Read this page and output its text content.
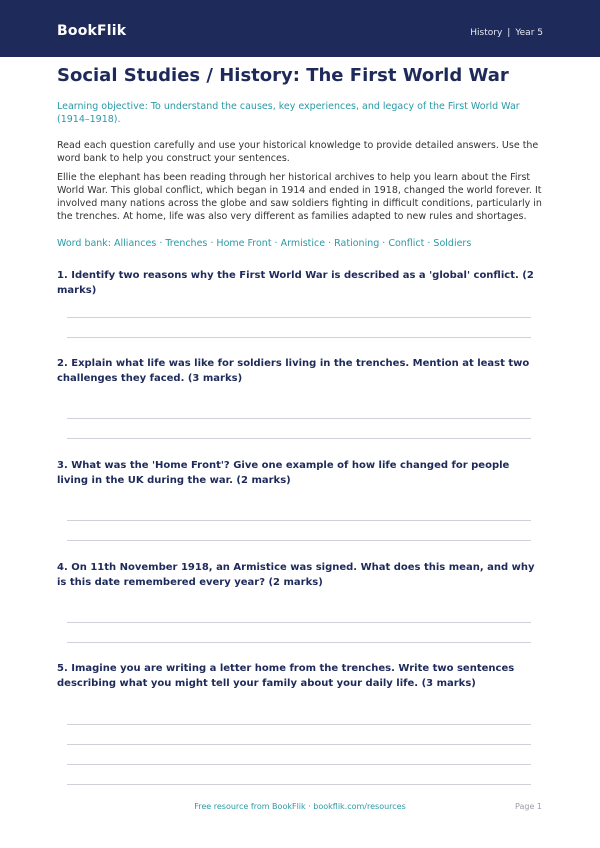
BookFlik	History | Year 5
Social Studies / History: The First World War
Learning objective: To understand the causes, key experiences, and legacy of the First World War (1914–1918).

Read each question carefully and use your historical knowledge to provide detailed answers. Use the word bank to help you construct your sentences.

Ellie the elephant has been reading through her historical archives to help you learn about the First World War. This global conflict, which began in 1914 and ended in 1918, changed the world forever. It involved many nations across the globe and saw soldiers fighting in difficult conditions, particularly in the trenches. At home, life was also very different as families adapted to new rules and shortages.

Word bank: Alliances · Trenches · Home Front · Armistice · Rationing · Conflict · Soldiers

1. Identify two reasons why the First World War is described as a 'global' conflict. (2 marks)

2. Explain what life was like for soldiers living in the trenches. Mention at least two challenges they faced. (3 marks)

3. What was the 'Home Front'? Give one example of how life changed for people living in the UK during the war. (2 marks)

4. On 11th November 1918, an Armistice was signed. What does this mean, and why is this date remembered every year? (2 marks)

5. Imagine you are writing a letter home from the trenches. Write two sentences describing what you might tell your family about your daily life. (3 marks)

Free resource from BookFlik · bookflik.com/resources	Page 1
